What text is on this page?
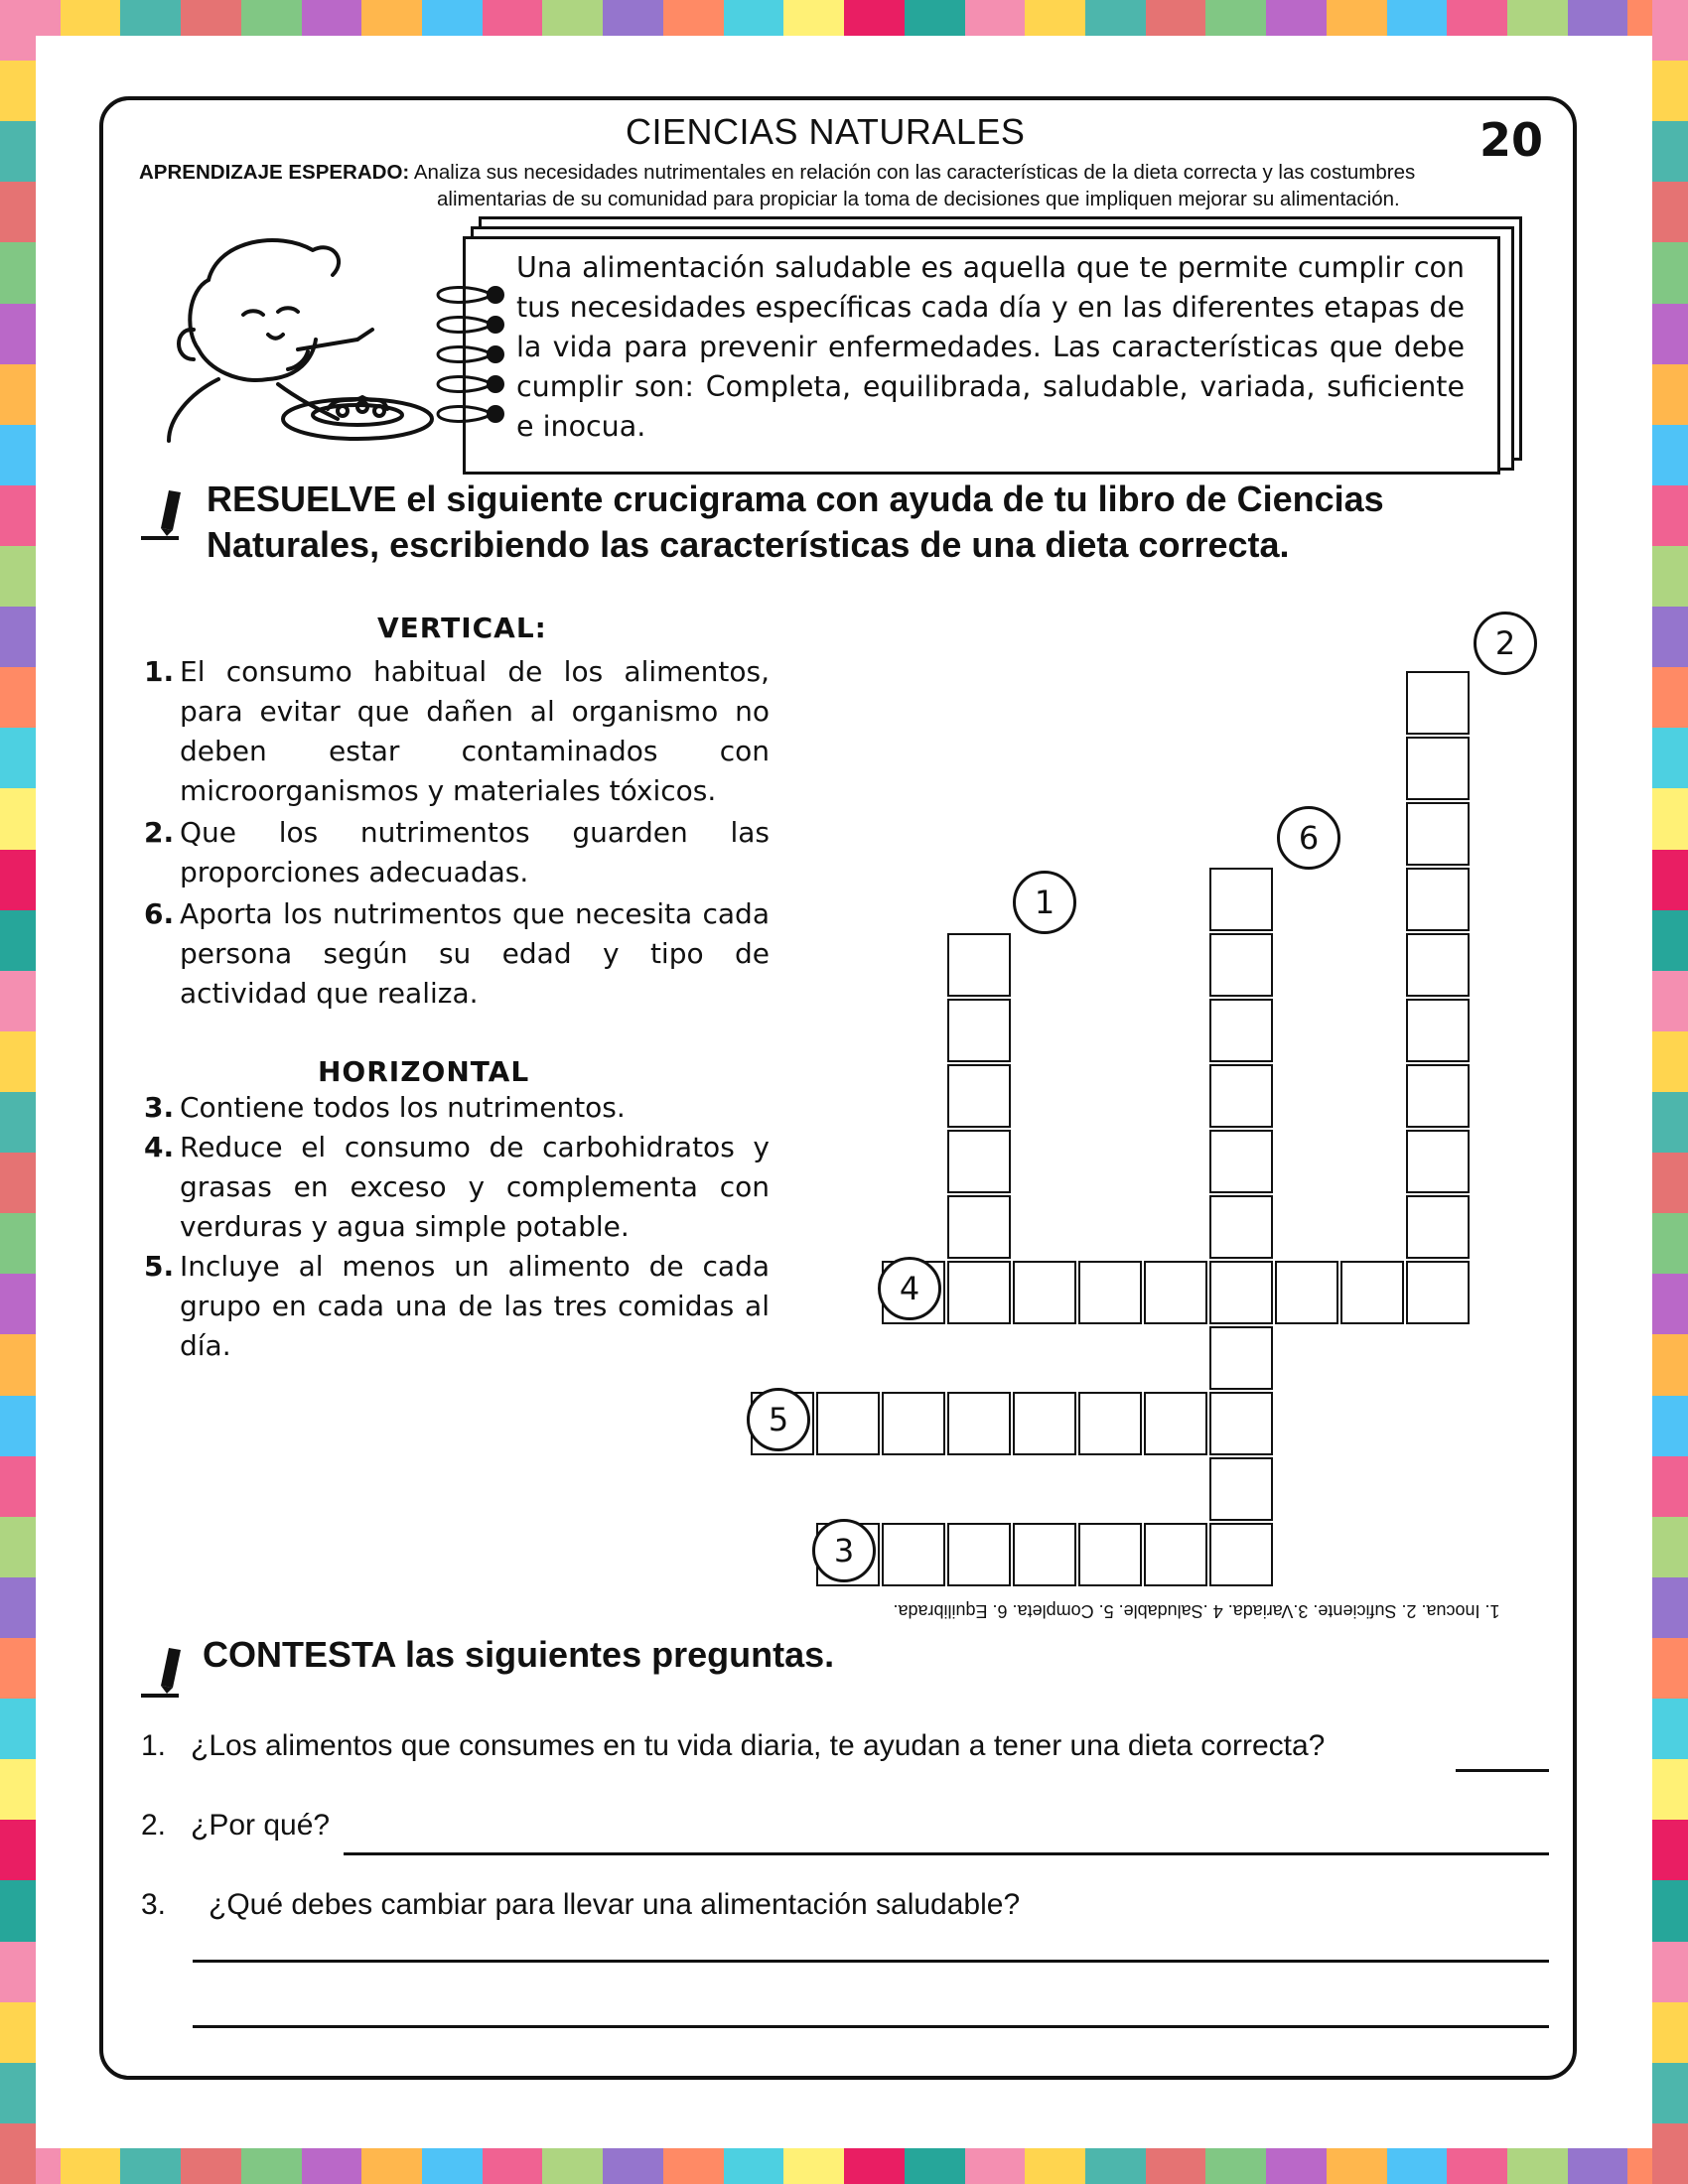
CIENCIAS NATURALES	20
APRENDIZAJE ESPERADO: Analiza sus necesidades nutrimentales en relación con las características de la dieta correcta y las costumbres
alimentarias de su comunidad para propiciar la toma de decisiones que impliquen mejorar su alimentación.
Una alimentación saludable es aquella que te permite cumplir con tus necesidades específicas cada día y en las diferentes etapas de la vida para prevenir enfermedades. Las características que debe cumplir son: Completa, equilibrada, saludable, variada, suficiente e inocua.
RESUELVE el siguiente crucigrama con ayuda de tu libro de Ciencias Naturales, escribiendo las características de una dieta correcta.
VERTICAL:
1. El consumo habitual de los alimentos, para evitar que dañen al organismo no deben estar contaminados con microorganismos y materiales tóxicos.
2. Que los nutrimentos guarden las proporciones adecuadas.
6. Aporta los nutrimentos que necesita cada persona según su edad y tipo de actividad que realiza.
HORIZONTAL
3. Contiene todos los nutrimentos.
4. Reduce el consumo de carbohidratos y grasas en exceso y complementa con verduras y agua simple potable.
5. Incluye al menos un alimento de cada grupo en cada una de las tres comidas al día.
1
2
3
4
5
6
1. Inocua. 2. Suficiente. 3.Variada. 4 .Saludable. 5. Completa. 6. Equilibrada.
CONTESTA las siguientes preguntas.
1. ¿Los alimentos que consumes en tu vida diaria, te ayudan a tener una dieta correcta?
2. ¿Por qué?
3. ¿Qué debes cambiar para llevar una alimentación saludable?
